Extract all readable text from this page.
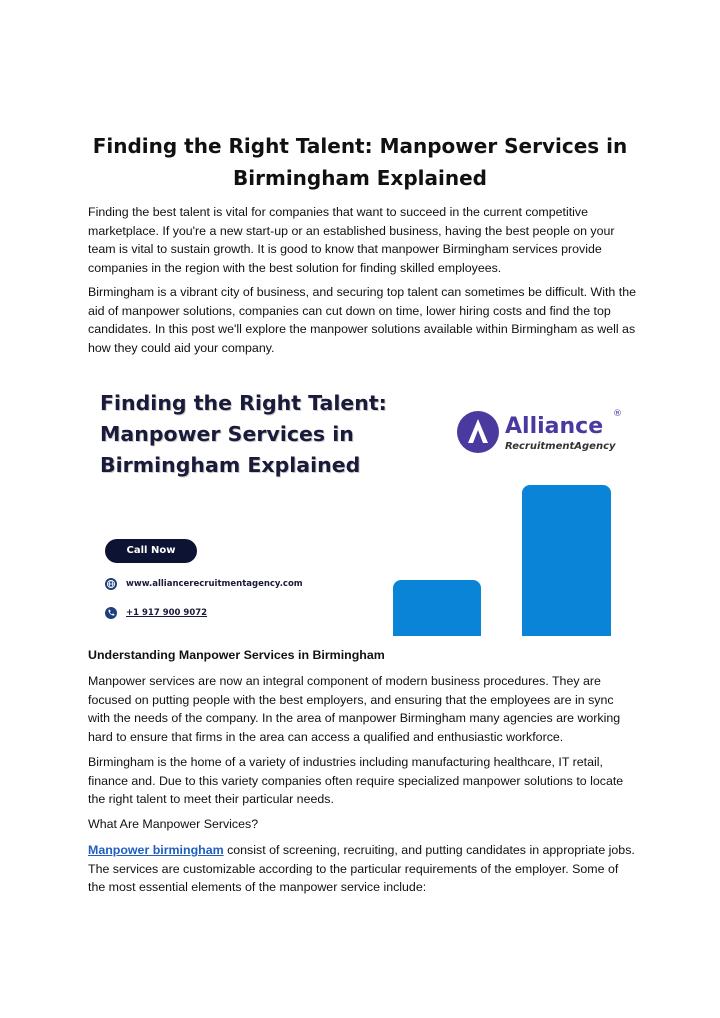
Finding the Right Talent: Manpower Services in Birmingham Explained

Finding the best talent is vital for companies that want to succeed in the current competitive marketplace. If you're a new start-up or an established business, having the best people on your team is vital to sustain growth. It is good to know that manpower Birmingham services provide companies in the region with the best solution for finding skilled employees.

Birmingham is a vibrant city of business, and securing top talent can sometimes be difficult. With the aid of manpower solutions, companies can cut down on time, lower hiring costs and find the top candidates. In this post we'll explore the manpower solutions available within Birmingham as well as how they could aid your company.

Finding the Right Talent:
Manpower Services in
Birmingham Explained

Call Now
www.alliancerecruitmentagency.com
+1 917 900 9072
Alliance
RecruitmentAgency
®

Understanding Manpower Services in Birmingham

Manpower services are now an integral component of modern business procedures. They are focused on putting people with the best employers, and ensuring that the employees are in sync with the needs of the company. In the area of manpower Birmingham many agencies are working hard to ensure that firms in the area can access a qualified and enthusiastic workforce.

Birmingham is the home of a variety of industries including manufacturing healthcare, IT retail, finance and. Due to this variety companies often require specialized manpower solutions to locate the right talent to meet their particular needs.

What Are Manpower Services?

Manpower birmingham consist of screening, recruiting, and putting candidates in appropriate jobs. The services are customizable according to the particular requirements of the employer. Some of the most essential elements of the manpower service include:
